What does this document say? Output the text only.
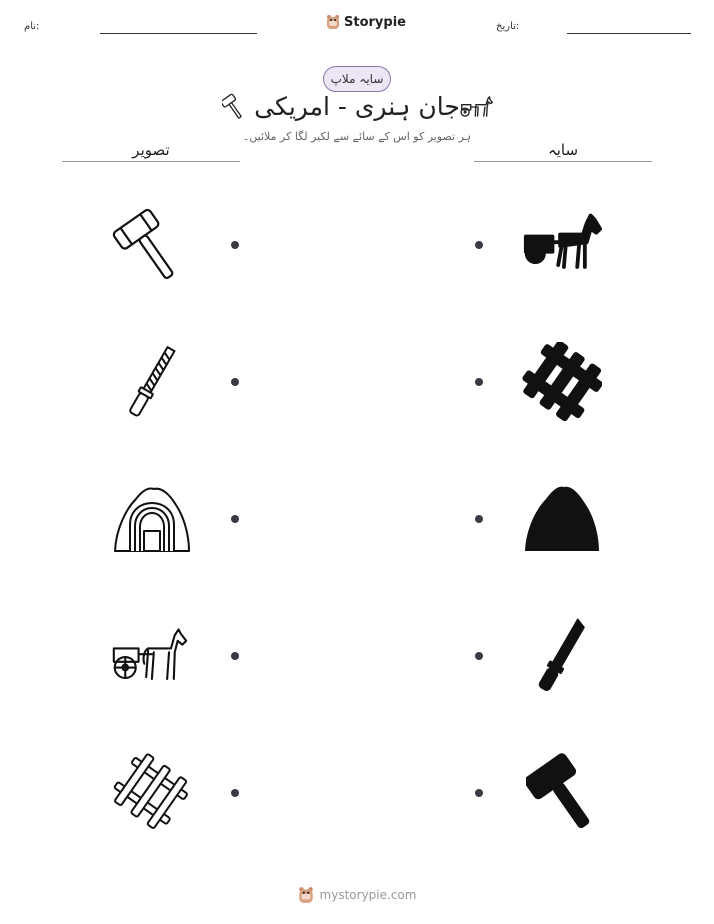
نام:	Storypie	تاریخ:
سایہ ملاپ
جان ہنری - امریکی
ہر تصویر کو اس کے سائے سے لکیر لگا کر ملائیں۔
تصویر	سایہ
mystorypie.com
